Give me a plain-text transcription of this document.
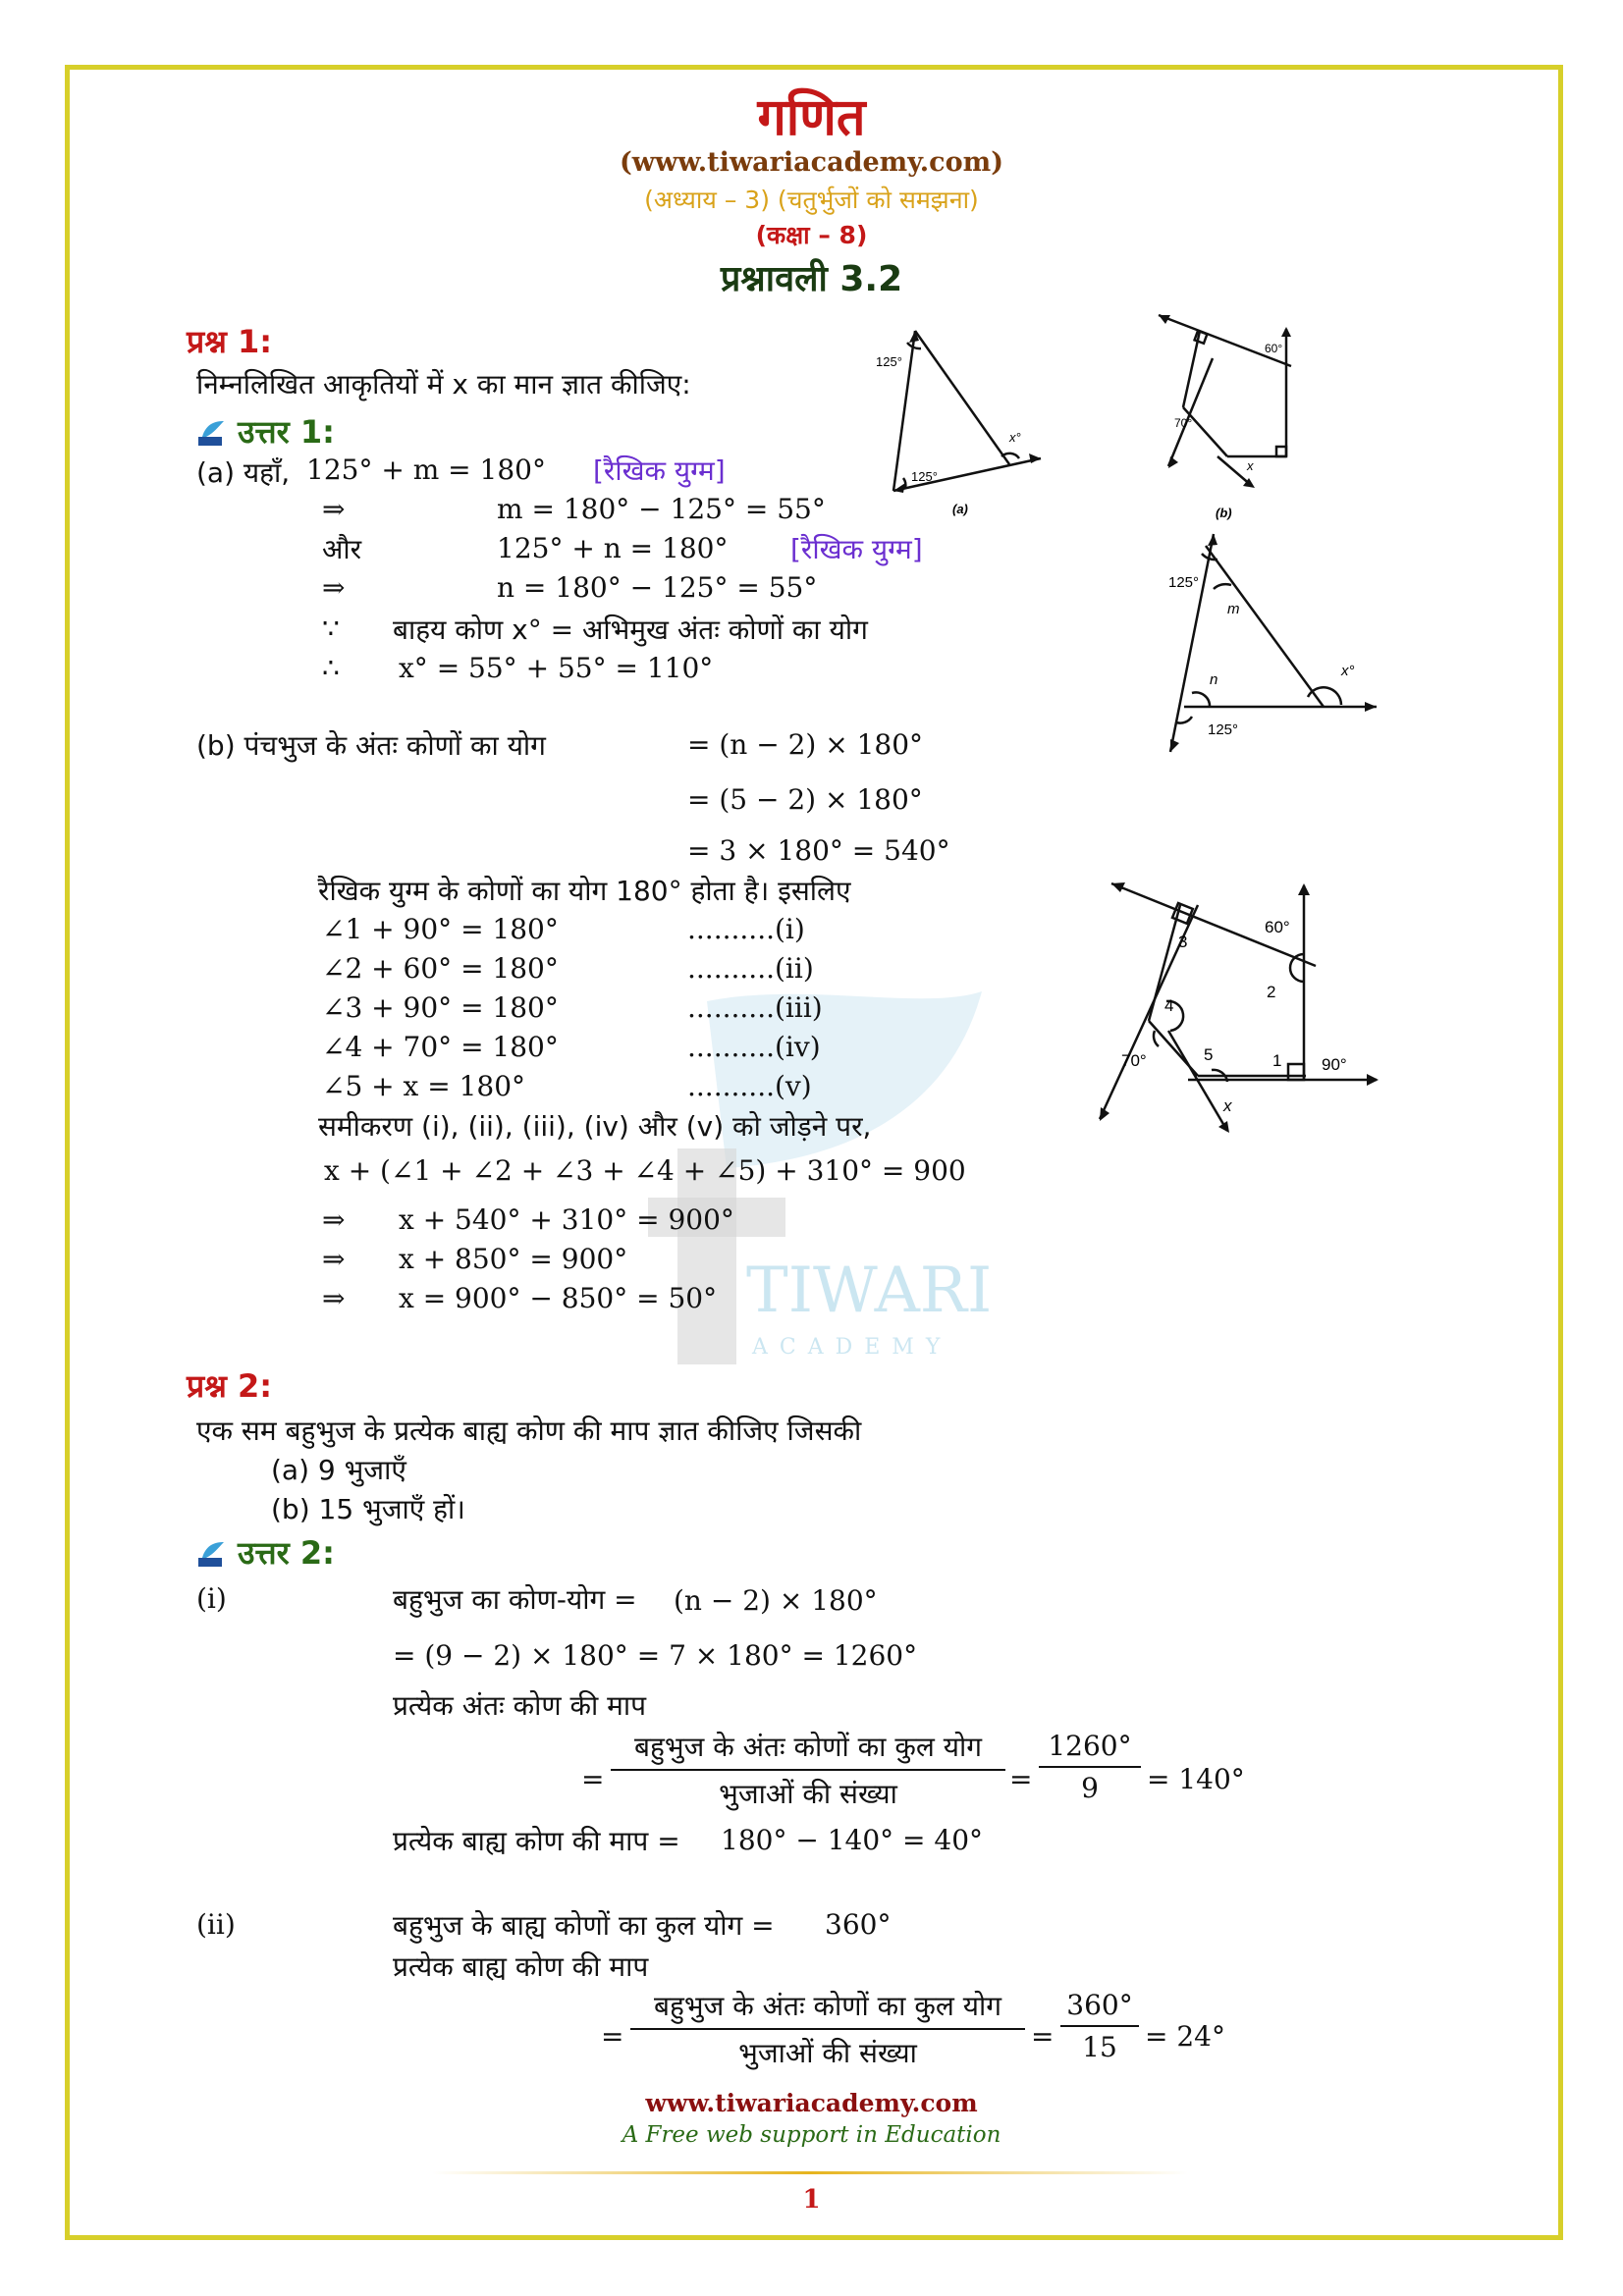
TIWARI
ACADEMY
गणित
(www.tiwariacademy.com)
(अध्याय – 3) (चतुर्भुजों को समझना)
(कक्षा – 8)
प्रश्नावली 3.2
प्रश्न 1:
निम्नलिखित आकृतियों में x का मान ज्ञात कीजिए:
उत्तर 1:
(a) यहाँ, 125° + m = 180° [रैखिक युग्म]
⇒	m = 180° − 125° = 55°
और	125° + n = 180° [रैखिक युग्म]
⇒	n = 180° − 125° = 55°
∵ बाहय कोण x° = अभिमुख अंतः कोणों का योग
∴ x° = 55° + 55° = 110°
(b) पंचभुज के अंतः कोणों का योग	= (n − 2) × 180°
= (5 − 2) × 180°
= 3 × 180° = 540°
रैखिक युग्म के कोणों का योग 180° होता है। इसलिए
∠1 + 90° = 180°	..........(i)
∠2 + 60° = 180°	..........(ii)
∠3 + 90° = 180°	..........(iii)
∠4 + 70° = 180°	..........(iv)
∠5 + x = 180°	..........(v)
समीकरण (i), (ii), (iii), (iv) और (v) को जोड़ने पर,
x + (∠1 + ∠2 + ∠3 + ∠4 + ∠5) + 310° = 900
⇒ x + 540° + 310° = 900°
⇒ x + 850° = 900°
⇒ x = 900° − 850° = 50°
125°
125°
x°
(a)
60°
70°
x
(b)
125°
m
n
x°
125°
3
60°
2
4
70°	5	1 90°
x
प्रश्न 2:
एक सम बहुभुज के प्रत्येक बाह्य कोण की माप ज्ञात कीजिए जिसकी
(a) 9 भुजाएँ
(b) 15 भुजाएँ हों।
उत्तर 2:
(i)	बहुभुज का कोण-योग = (n − 2) × 180°
= (9 − 2) × 180° = 7 × 180° = 1260°
प्रत्येक अंतः कोण की माप
=
बहुभुज के अंतः कोणों का कुल योग
भुजाओं की संख्या	=
1260°
9	= 140°
प्रत्येक बाह्य कोण की माप = 180° − 140° = 40°
(ii)	बहुभुज के बाह्य कोणों का कुल योग = 360°
प्रत्येक बाह्य कोण की माप
=
बहुभुज के अंतः कोणों का कुल योग
भुजाओं की संख्या
=
360°
15	= 24°
www.tiwariacademy.com
A Free web support in Education
1
